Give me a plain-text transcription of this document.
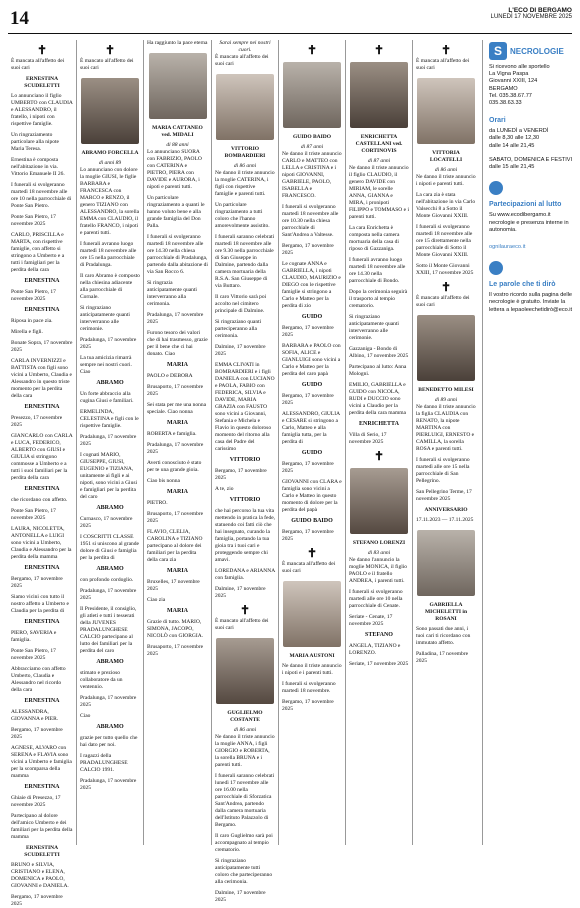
14	L'ECO DI BERGAMO
LUNEDÌ 17 NOVEMBRE 2025
✝

È mancata all'affetto dei suoi cari

ERNESTINA SCUDELETTI

Lo annunciano il figlio UMBERTO con CLAUDIA e ALESSANDRO, il fratello, i nipoti con rispettive famiglie.

Un ringraziamento particolare alla nipote Maria Teresa.

Ernestina è composta nell'abitazione in via. Vittorio Emanuele II 26.

I funerali si svolgeranno martedì 18 novembre alle ore 10 nella parrocchiale di Ponte San Pietro.

Ponte San Pietro, 17 novembre 2025

CARLO, PRISCILLA e MARTA, con rispettive famiglie, con affetto si stringono a Umberto e a tutti i famigliari per la perdita della cara

ERNESTINA

Ponte San Pietro, 17 novembre 2025

ERNESTINA

Riposa in pace zia.

Mirella e figli.

Bonate Sopra, 17 novembre 2025

CARLA INVERNIZZI e BATTISTA con figli sono vicini a Umberto, Claudia e Alessandro in questo triste momento per la perdita della cara

ERNESTINA

Presezzo, 17 novembre 2025

GIANCARLO con CARLA e LUCA, FEDERICO, ALBERTO con GIUSI e GIULIA si stringono commosse a Umberto e a tutti i suoi familiari per la perdita della cara

ERNESTINA

che ricordano con affetto.

Ponte San Pietro, 17 novembre 2025

LAURA, NICOLETTA, ANTONELLA e LUIGI sono vicini a Umberto, Claudia e Alessandro per la perdita della mamma

ERNESTINA

Bergamo, 17 novembre 2025

Siamo vicini con tutto il nostro affetto a Umberto e Claudia per la perdita di

ERNESTINA

PIERO, SAVERIA e famiglia.

Ponte San Pietro, 17 novembre 2025

Abbracciamo con affetto Umberto, Claudia e Alessandro nel ricordo della cara

ERNESTINA

ALESSANDRA, GIOVANNA e PIER.

Bergamo, 17 novembre 2025

AGNESE, ALVARO con SERENA e FLAVIA sono vicini a Umberto e famiglia per la scomparsa della mamma

ERNESTINA

Ghiaie di Presezzo, 17 novembre 2025

Partecipano al dolore dell'amico Umberto e dei familiari per la perdita della mamma

ERNESTINA SCUDELETTI

BRUNO e SILVIA, CRISTIANO e ELENA, DOMENICA e PAOLO, GIOVANNI e DANIELA.

Bergamo, 17 novembre 2025

✝

È mancato all'affetto dei suoi cari

ABRAMO FORCELLA
di anni 89

Lo annunciano con dolore la moglie GIUSI, le figlie BARBARA e FRANCESCA con MARCO e RENZO, il genero TIZIANO con ALESSANDRO, la sorella EMMA con CLAUDIO, il fratello FRANCO, i nipoti e parenti tutti.

I funerali avranno luogo martedì 18 novembre alle ore 15 nella parrocchiale di Pradalunga.

Il caro Abramo è composto nella chiesina adiacente alla parrocchiale di Cornale.

Si ringraziano anticipatamente quanti interverranno alle cerimonie.

Pradalunga, 17 novembre 2025

La tua amicizia rimarrà sempre nei nostri cuori. Ciao

ABRAMO

Un forte abbraccio alla cugina Giusi e familiari.

ERMELINDA, CELESTINA e figli con le rispettive famiglie.

Pradalunga, 17 novembre 2025

I cognati MARIO, GIUSEPPE, GIUSI, EUGENIO e TIZIANA, unitamente ai figli e ai nipoti, sono vicini a Giusi e famigliari per la perdita del caro

ABRAMO

Curnasco, 17 novembre 2025

I COSCRITTI CLASSE 1951 si uniscono al grande dolore di Giusi e famiglia per la perdita di

ABRAMO

con profondo cordoglio.

Pradalunga, 17 novembre 2025

Il Presidente, il consiglio, gli atleti e tutti i tesserati della JUVENES PRADALUNGHESE CALCIO partecipano al lutto dei familiari per la perdita del caro

ABRAMO

stimato e prezioso collaboratore da un ventennio.

Pradalunga, 17 novembre 2025

Ciao

ABRAMO

grazie per tutto quello che hai dato per noi.

I ragazzi della PRADALUNGHESE CALCIO 1991.

Pradalunga, 17 novembre 2025

Ha raggiunto la pace eterna

MARIA CATTANEO ved. MIDALI
di 88 anni

Lo annunciano SUORA con FABRIZIO, PAOLO con CATERINA e PIETRO, PIERA con DAVIDE e AURORA, i nipoti e parenti tutti.

Un particolare ringraziamento a quanti le hanno voluto bene e alla grande famiglia del Don Palla.

I funerali si svolgeranno martedì 18 novembre alle ore 14.30 nella chiesa parrocchiale di Pradalunga, partendo dalla abitazione di via San Rocco 6.

Si ringrazia anticipatamente quanti interverranno alla cerimonia.

Pradalunga, 17 novembre 2025

Furono tesoro dei valori che di hai trasmesso, grazie per il bene che ci hai donato. Ciao

MARIA

PAOLO e DEBORA

Brusaporto, 17 novembre 2025

Sei stata per me una nonna speciale. Ciao nonna

MARIA

ROBERTA e famiglia.

Pradalunga, 17 novembre 2025

Averti conosciuto è stato per te una grande gioia.

Ciao bis nonna

MARIA

PIETRO.

Brusaporto, 17 novembre 2025

FLAVIO, CLELIA, CAROLINA e TIZIANO partecipano al dolore dei familiari per la perdita della cara zia

MARIA

Bruxelles, 17 novembre 2025

Ciao zia

MARIA

Grazie di tutto. MARIO, SIMONA, JACOPO, NICOLÒ con GIORGIA.

Brusaporto, 17 novembre 2025

Sarai sempre nei nostri cuori.

È mancato all'affetto dei suoi cari

VITTORIO BOMBARDIERI
di 86 anni

Ne danno il triste annuncio la moglie CATERINA, i figli con rispettive famiglie e parenti tutti.

Un particolare ringraziamento a tutti coloro che l'hanno amorevolmente assistito.

I funerali saranno celebrati martedì 18 novembre alle ore 9.30 nella parrocchiale di San Giuseppe in Dalmine, partendo dalla camera mortuaria della R.S.A. San Giuseppe di via Buttaro.

Il caro Vittorio sarà poi accolto nel cimitero principale di Dalmine.

Si ringraziano quanti parteciperanno alla cerimonia.

Dalmine, 17 novembre 2025

EMMA CLIVATI in BOMBARDIERI e i figli DANIELA con LUCIANO e PAOLA, FABIO con FEDERICA, SILVIA e DAVIDE, MARIA GRAZIA con FAUSTO sono vicini a Giovanni, Stefania e Michela e Flavio in questo doloroso momento del ritorno alla casa del Padre del carissimo

VITTORIO

Bergamo, 17 novembre 2025

A te, zio

VITTORIO

che hai percorso la tua vita mettendo in pratica la fede, statuendo coi fatti ciò che hai insegnato, curando la famiglia, portando la tua gioia tra i tuoi cari e proteggendo sempre chi amavi.

LOREDANA e ARIANNA con famiglia.

Dalmine, 17 novembre 2025

✝

È mancato all'affetto dei suoi cari

GUGLIELMO COSTANTE
di 86 anni

Ne danno il triste annuncio la moglie ANNA, i figli GIORGIO e ROBERTA, la sorella BRUNA e i parenti tutti.

I funerali saranno celebrati lunedì 17 novembre alle ore 16.00 nella parrocchiale di Sforzatica Sant'Andrea, partendo dalla camera mortuaria dell'Istituto Palazzolo di Bergamo.

Il caro Guglielmo sarà poi accompagnato al tempio crematorio.

Si ringraziano anticipatamente tutti coloro che parteciperanno alla cerimonia.

Dalmine, 17 novembre 2025

✝
GUIDO BAIDO
di 87 anni

Ne danno il triste annuncio CARLO e MATTEO con LELLA e CRISTINA e i nipoti GIOVANNI, GABRIELE, PAOLO, ISABELLA e FRANCESCO.

I funerali si svolgeranno martedì 18 novembre alle ore 10.30 nella chiesa parrocchiale di Sant'Andrea a Valtesse.

Bergamo, 17 novembre 2025

Le cognate ANNA e GABRIELLA, i nipoti CLAUDIO, MAURIZIO e DIEGO con le rispettive famiglie si stringono a Carlo e Matteo per la perdita di zio

GUIDO

Bergamo, 17 novembre 2025

BARBARA e PAOLO con SOFIA, ALICE e GIANLUIGI sono vicini a Carlo e Matteo per la perdita del caro papà

GUIDO

Bergamo, 17 novembre 2025

ALESSANDRO, GIULIA e CESARE si stringono a Carlo, Matteo e alla famiglia tutta, per la perdita di

GUIDO

Bergamo, 17 novembre 2025

GIOVANNI con CLARA e famiglia sono vicini a Carlo e Matteo in questo momento di dolore per la perdita del papà

GUIDO BAIDO

Bergamo, 17 novembre 2025

✝

È mancata all'affetto dei suoi cari

MARIA AUSTONI

Ne danno il triste annuncio i nipoti e i parenti tutti.

I funerali si svolgeranno martedì 18 novembre.

Bergamo, 17 novembre 2025

✝
ENRICHETTA CASTELLANI ved. CORTINOVIS
di 87 anni

Ne danno il triste annuncio il figlio CLAUDIO, il genero DAVIDE con MIRIAM, le sorelle ANNA, GIANNA e MIRA, i pronipoti FILIPPO e TOMMASO e i parenti tutti.

La cara Enrichetta è composta nella camera mortuaria della casa di riposo di Gazzaniga.

I funerali avranno luogo martedì 18 novembre alle ore 14.30 nella parrocchiale di Bondo.

Dopo la cerimonia seguirà il trasporto al tempio crematorio.

Si ringraziano anticipatamente quanti interverranno alle cerimonie.

Gazzaniga - Bondo di Albino, 17 novembre 2025

Partecipano al lutto: Anna Mologni.

EMILIO, GABRIELLA e GUIDO con NICOLA, RUDI e DUCCIO sono vicini a Claudio per la perdita della cara mamma

ENRICHETTA

Villa di Serio, 17 novembre 2025

✝
STEFANO LORENZI
di 83 anni

Ne danno l'annuncio la moglie MONICA, il figlio PAOLO e il fratello ANDREA, i parenti tutti.

I funerali si svolgeranno martedì alle ore 10 nella parrocchiale di Cenate.

Seriate - Cenate, 17 novembre 2025

STEFANO

ANGELA, TIZIANO e LORENZO.

Seriate, 17 novembre 2025

✝

È mancata all'affetto dei suoi cari

VITTORIA LOCATELLI
di 86 anni

Ne danno il triste annuncio i nipoti e parenti tutti.

La cara zia è stata nell'abitazione in via Carlo Valsecchi 8 a Sotto il Monte Giovanni XXIII.

I funerali si svolgeranno martedì 18 novembre alle ore 15 direttamente nella parrocchiale di Sotto il Monte Giovanni XXIII.

Sotto il Monte Giovanni XXIII, 17 novembre 2025

✝

È mancato all'affetto dei suoi cari

BENEDETTO MILESI
di 89 anni

Ne danno il triste annuncio la figlia CLAUDIA con RENATO, la nipote MARTINA con PIERLUIGI, ERNESTO e CAMILLA, la sorella ROSA e parenti tutti.

I funerali si svolgeranno martedì alle ore 15 nella parrocchiale di San Pellegrino.

San Pellegrino Terme, 17 novembre 2025

ANNIVERSARIO

17.11.2023 — 17.11.2025

GABRIELLA MICHELETTI in ROSANI

Sono passati due anni, i tuoi cari ti ricordano con immutato affetto.

Palladina, 17 novembre 2025

S	NECROLOGIE
Si ricevono alle sportello
La Vigna Paspa
Giovanni XXIII, 124
BERGAMO
Tel. 035.38.67.77
035.38.63.33
Orari
da LUNEDÌ a VENERDÌ
dalle 8,30 alle 12,30
dalle 14 alle 21,45

SABATO, DOMENICA E FESTIVI
dalle 15 alle 21,45
Partecipazioni al lutto
Su www.ecodibergamo.it necrologie e presenza interne in autonomia.
ognilauraeco.it
Le parole che ti dirò
Il vostro ricordo sulla pagina delle necrologie è gratuito. Inviate la lettera a lepaoleechetidirò@eco.it
